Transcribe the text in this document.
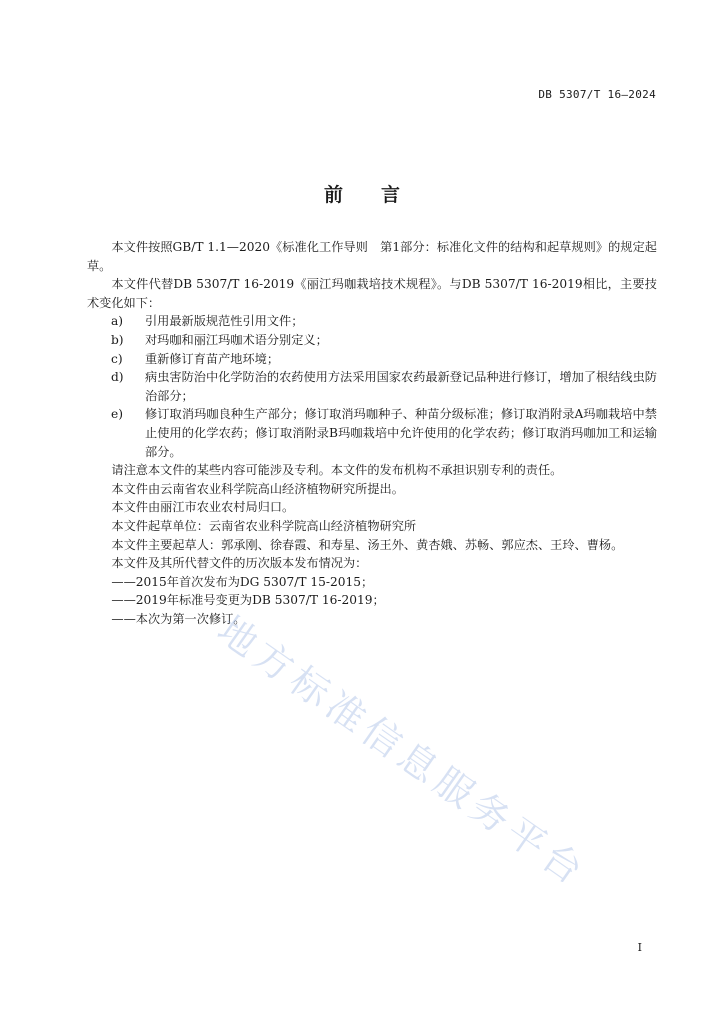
DB 5307/T 16—2024
前　　言

本文件按照GB/T 1.1—2020《标准化工作导则　第1部分：标准化文件的结构和起草规则》的规定起草。

本文件代替DB 5307/T 16-2019《丽江玛咖栽培技术规程》。与DB 5307/T 16-2019相比，主要技术变化如下：

a)	引用最新版规范性引用文件；
b)	对玛咖和丽江玛咖术语分别定义；
c)	重新修订育苗产地环境；
d)	病虫害防治中化学防治的农药使用方法采用国家农药最新登记品种进行修订，增加了根结线虫防治部分；
e)	修订取消玛咖良种生产部分；修订取消玛咖种子、种苗分级标准；修订取消附录A玛咖栽培中禁止使用的化学农药；修订取消附录B玛咖栽培中允许使用的化学农药；修订取消玛咖加工和运输部分。

请注意本文件的某些内容可能涉及专利。本文件的发布机构不承担识别专利的责任。

本文件由云南省农业科学院高山经济植物研究所提出。

本文件由丽江市农业农村局归口。

本文件起草单位：云南省农业科学院高山经济植物研究所

本文件主要起草人：郭承刚、徐春霞、和寿星、汤王外、黄杏娥、苏畅、郭应杰、王玲、曹杨。

本文件及其所代替文件的历次版本发布情况为：

——2015年首次发布为DG 5307/T 15-2015；

——2019年标准号变更为DB 5307/T 16-2019；

——本次为第一次修订。

地方标准信息服务平台
I
